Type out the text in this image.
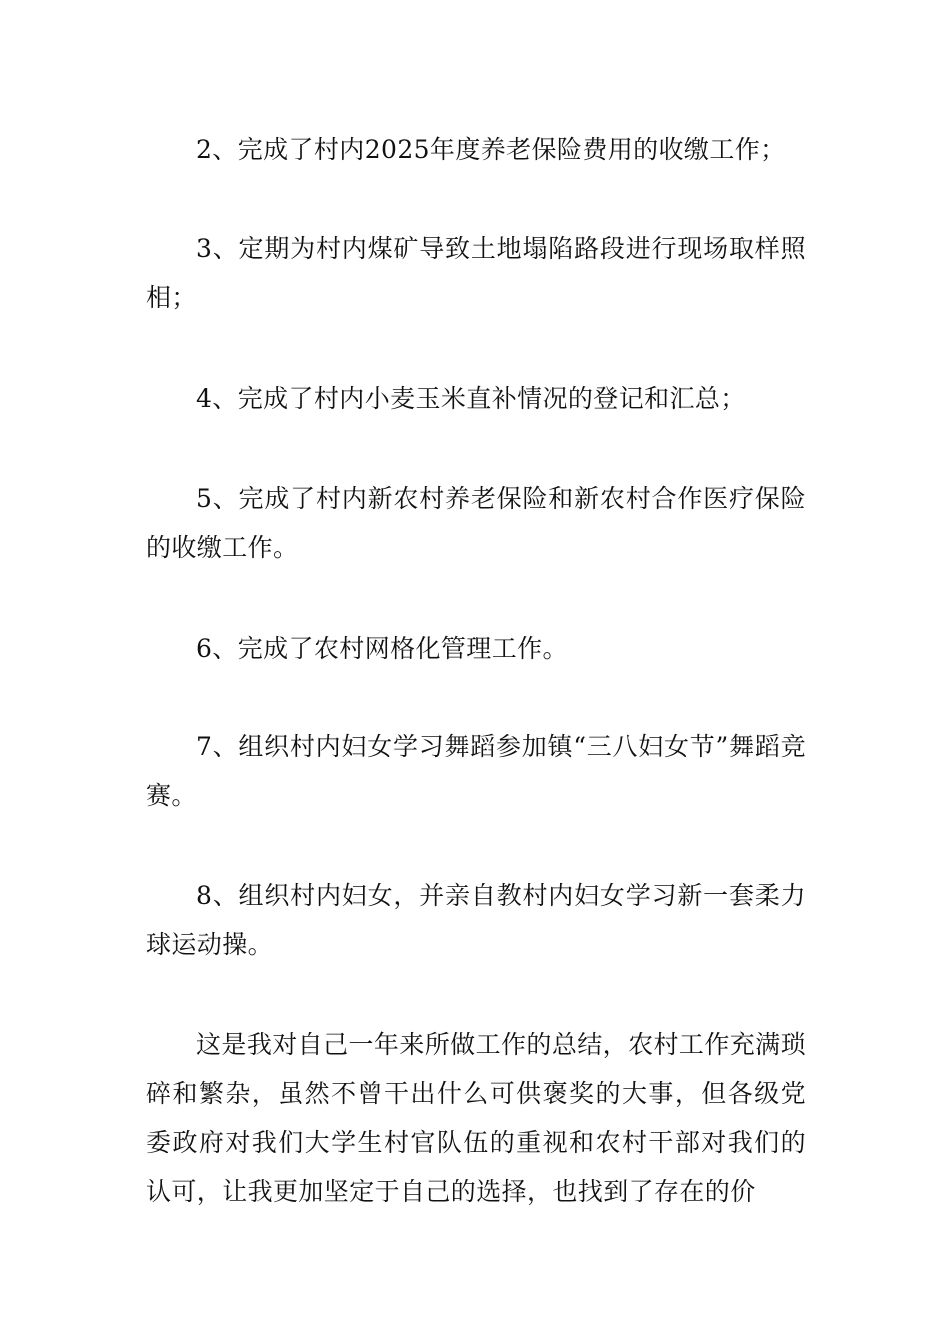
2、完成了村内2025年度养老保险费用的收缴工作；

3、定期为村内煤矿导致土地塌陷路段进行现场取样照相；

4、完成了村内小麦玉米直补情况的登记和汇总；

5、完成了村内新农村养老保险和新农村合作医疗保险的收缴工作。

6、完成了农村网格化管理工作。

7、组织村内妇女学习舞蹈参加镇“三八妇女节”舞蹈竞赛。

8、组织村内妇女，并亲自教村内妇女学习新一套柔力球运动操。

这是我对自己一年来所做工作的总结，农村工作充满琐碎和繁杂，虽然不曾干出什么可供褒奖的大事，但各级党委政府对我们大学生村官队伍的重视和农村干部对我们的认可，让我更加坚定于自己的选择，也找到了存在的价
